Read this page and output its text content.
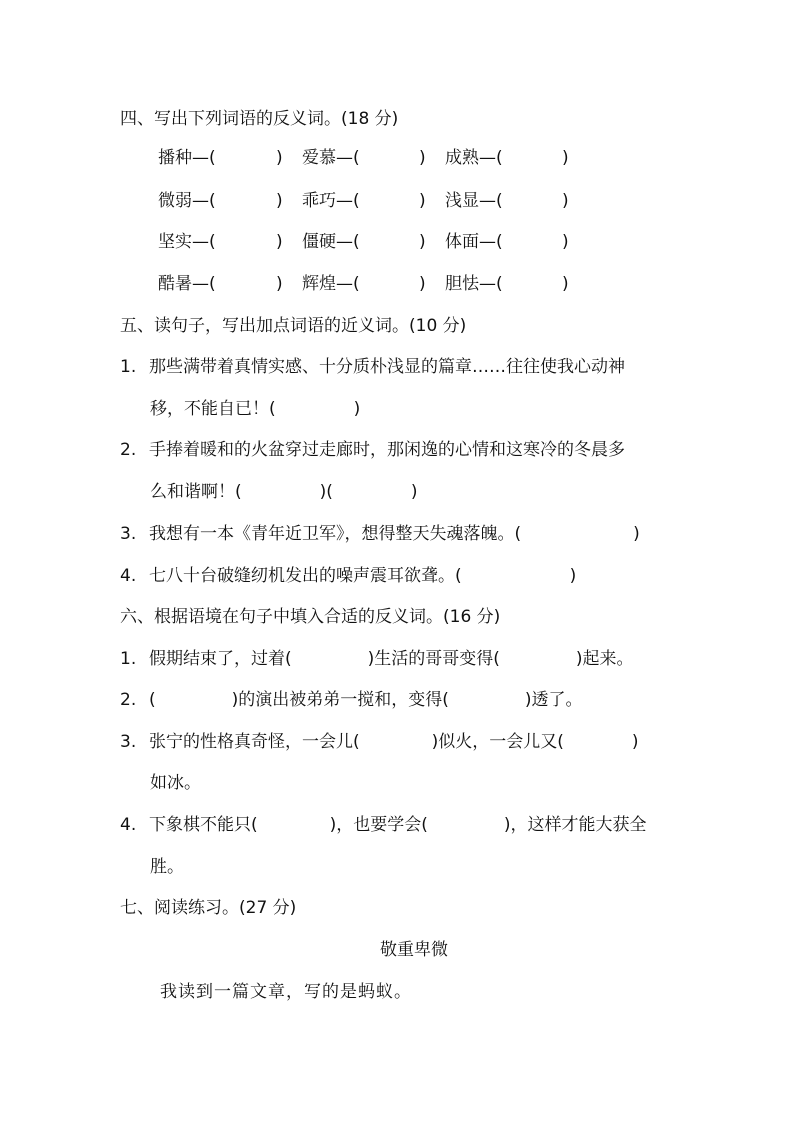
四、写出下列词语的反义词。(18 分)
播种—(	) 爱慕—(	) 成熟—(	)
微弱—(	) 乖巧—(	) 浅显—(	)
坚实—(	) 僵硬—(	) 体面—(	)
酷暑—(	) 辉煌—(	) 胆怯—(	)
五、读句子，写出加点词语的近义词。(10 分)
1. 那些满带着真情实感、十分质朴浅显的篇章……往往使我心动神
移，不能自已！(	)
2. 手捧着暖和的火盆穿过走廊时，那闲逸的心情和这寒冷的冬晨多
么和谐啊！(	)(	)
3. 我想有一本《青年近卫军》，想得整天失魂落魄。(	)
4. 七八十台破缝纫机发出的噪声震耳欲聋。(	)
六、根据语境在句子中填入合适的反义词。(16 分)
1. 假期结束了，过着(	)生活的哥哥变得(	)起来。
2. (	)的演出被弟弟一搅和，变得(	)透了。
3. 张宁的性格真奇怪，一会儿(	)似火，一会儿又(	)
如冰。
4. 下象棋不能只(	)，也要学会(	)，这样才能大获全
胜。
七、阅读练习。(27 分)
敬重卑微
我读到一篇文章，写的是蚂蚁。
